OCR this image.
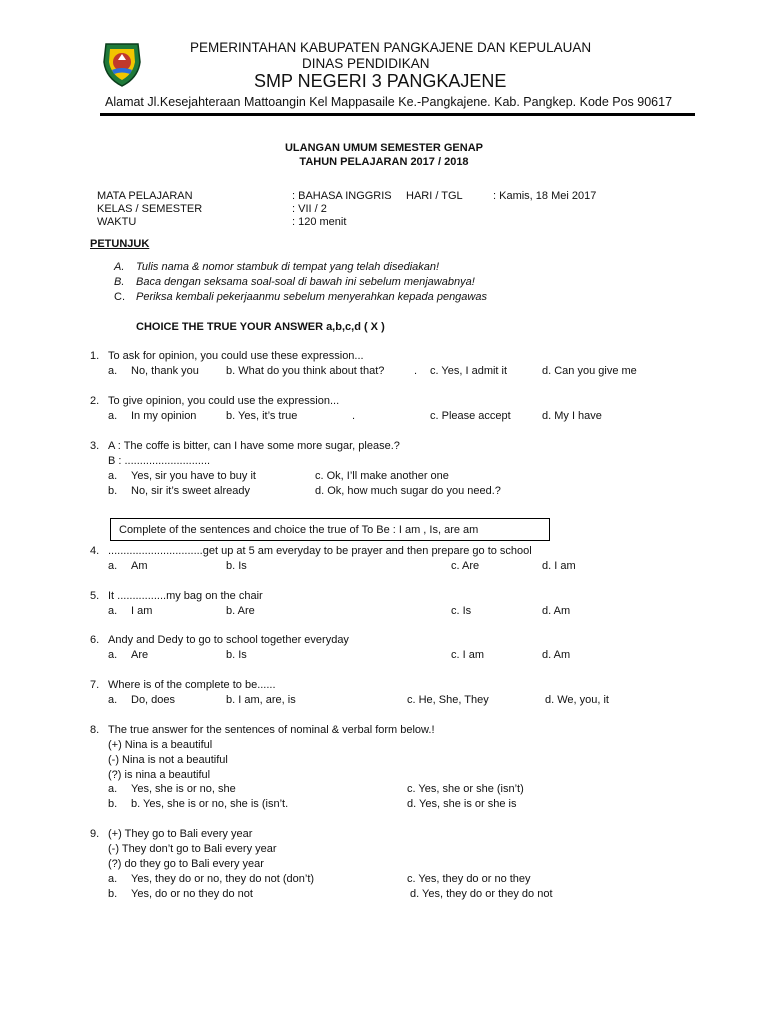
PEMERINTAHAN KABUPATEN PANGKAJENE DAN KEPULAUAN
DINAS PENDIDIKAN
SMP NEGERI 3 PANGKAJENE
Alamat Jl.Kesejahteraan Mattoangin Kel Mappasaile Ke.-Pangkajene. Kab. Pangkep. Kode Pos 90617
ULANGAN UMUM SEMESTER GENAP
TAHUN PELAJARAN 2017 / 2018
MATA PELAJARAN	: BAHASA INGGRIS HARI / TGL	: Kamis, 18 Mei 2017
KELAS / SEMESTER	: VII / 2
WAKTU	: 120 menit
PETUNJUK
A. Tulis nama & nomor stambuk di tempat yang telah disediakan!
B. Baca dengan seksama soal-soal di bawah ini sebelum menjawabnya!
C. Periksa kembali pekerjaanmu sebelum menyerahkan kepada pengawas
CHOICE THE TRUE YOUR ANSWER a,b,c,d ( X )
1. To ask for opinion, you could use these expression...
a. No, thank you b. What do you think about that?	. c. Yes, I admit it	d. Can you give me
2. To give opinion, you could use the expression...
a. In my opinion	b. Yes, it’s true	.	c. Please accept	d. My I have
3. A : The coffe is bitter, can I have some more sugar, please.?
B : ............................
a. Yes, sir you have to buy it	c. Ok, I’ll make another one
b. No, sir it’s sweet already	d. Ok, how much sugar do you need.?
Complete of the sentences and choice the true of To Be : I am , Is, are am
4. ...............................get up at 5 am everyday to be prayer and then prepare go to school
a. Am	b. Is	c. Are	d. I am
5. It ................my bag on the chair
a. I am	b. Are	c. Is	d. Am
6. Andy and Dedy to go to school together everyday
a. Are	b. Is	c. I am	d. Am
7. Where is of the complete to be......
a. Do, does	b. I am, are, is	c. He, She, They	d. We, you, it
8. The true answer for the sentences of nominal & verbal form below.!
(+) Nina is a beautiful
(-) Nina is not a beautiful
(?) is nina a beautiful
a. Yes, she is or no, she	c. Yes, she or she (isn’t)
b. b. Yes, she is or no, she is (isn’t.	d. Yes, she is or she is
9. (+) They go to Bali every year
(-) They don’t go to Bali every year
(?) do they go to Bali every year
a. Yes, they do or no, they do not (don’t)	c. Yes, they do or no they
b. Yes, do or no they do not	d. Yes, they do or they do not
